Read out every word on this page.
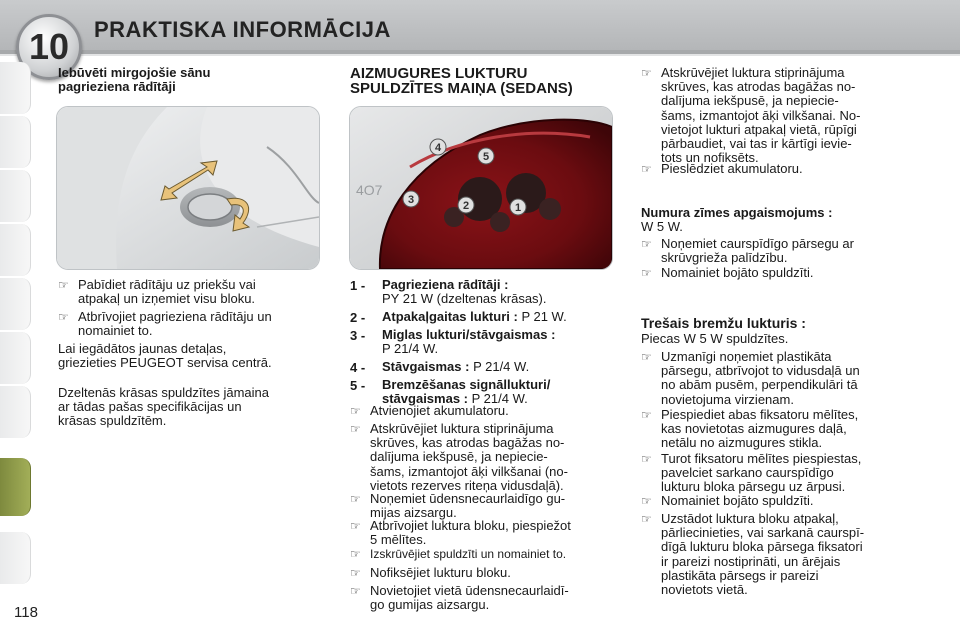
10 PRAKTISKA INFORMĀCIJA
Iebūvēti mirgojošie sānu
pagrieziena rādītāji
☞ Pabīdiet rādītāju uz priekšu vai
atpakaļ un izņemiet visu bloku.
☞ Atbrīvojiet pagrieziena rādītāju un
nomainiet to.
Lai iegādātos jaunas detaļas,
griezieties PEUGEOT servisa centrā.
Dzeltenās krāsas spuldzītes jāmaina
ar tādas pašas specifikācijas un
krāsas spuldzītēm.
AIZMUGURES LUKTURU
SPULDZĪTES MAIŅA (SEDANS)
4O7
4
5
3	2	1
1 - Pagrieziena rādītāji :
PY 21 W (dzeltenas krāsas).
2 - Atpakaļgaitas lukturi : P 21 W.
3 - Miglas lukturi/stāvgaismas :
P 21/4 W.
4 - Stāvgaismas : P 21/4 W.
5 - Bremzēšanas signāllukturi/
stāvgaismas : P 21/4 W.
☞ Atvienojiet akumulatoru.
☞ Atskrūvējiet luktura stiprinājuma
skrūves, kas atrodas bagāžas no-
dalījuma iekšpusē, ja nepiecie-
šams, izmantojot āķi vilkšanai (no-
vietots rezerves riteņa vidusdaļā).
☞ Noņemiet ūdensnecaurlaidīgo gu-
mijas aizsargu.
☞ Atbrīvojiet luktura bloku, piespiežot
5 mēlītes.
☞ Izskrūvējiet spuldzīti un nomainiet to.
☞ Nofiksējiet lukturu bloku.
☞ Novietojiet vietā ūdensnecaurlaidī-
go gumijas aizsargu.
☞ Atskrūvējiet luktura stiprinājuma
skrūves, kas atrodas bagāžas no-
dalījuma iekšpusē, ja nepiecie-
šams, izmantojot āķi vilkšanai. No-
vietojot lukturi atpakaļ vietā, rūpīgi
pārbaudiet, vai tas ir kārtīgi ievie-
tots un nofiksēts.
☞ Pieslēdziet akumulatoru.
Numura zīmes apgaismojums :
W 5 W.
☞ Noņemiet caurspīdīgo pārsegu ar
skrūvgrieža palīdzību.
☞ Nomainiet bojāto spuldzīti.
Trešais bremžu lukturis :
Piecas W 5 W spuldzītes.
☞ Uzmanīgi noņemiet plastikāta
pārsegu, atbrīvojot to vidusdaļā un
no abām pusēm, perpendikulāri tā
novietojuma virzienam.
☞ Piespiediet abas fiksatoru mēlītes,
kas novietotas aizmugures daļā,
netālu no aizmugures stikla.
☞ Turot fiksatoru mēlītes piespiestas,
pavelciet sarkano caurspīdīgo
lukturu bloka pārsegu uz ārpusi.
☞ Nomainiet bojāto spuldzīti.
☞ Uzstādot luktura bloku atpakaļ,
pārliecinieties, vai sarkanā caurspī-
dīgā lukturu bloka pārsega fiksatori
ir pareizi nostiprināti, un ārējais
plastikāta pārsegs ir pareizi
novietots vietā.
118
